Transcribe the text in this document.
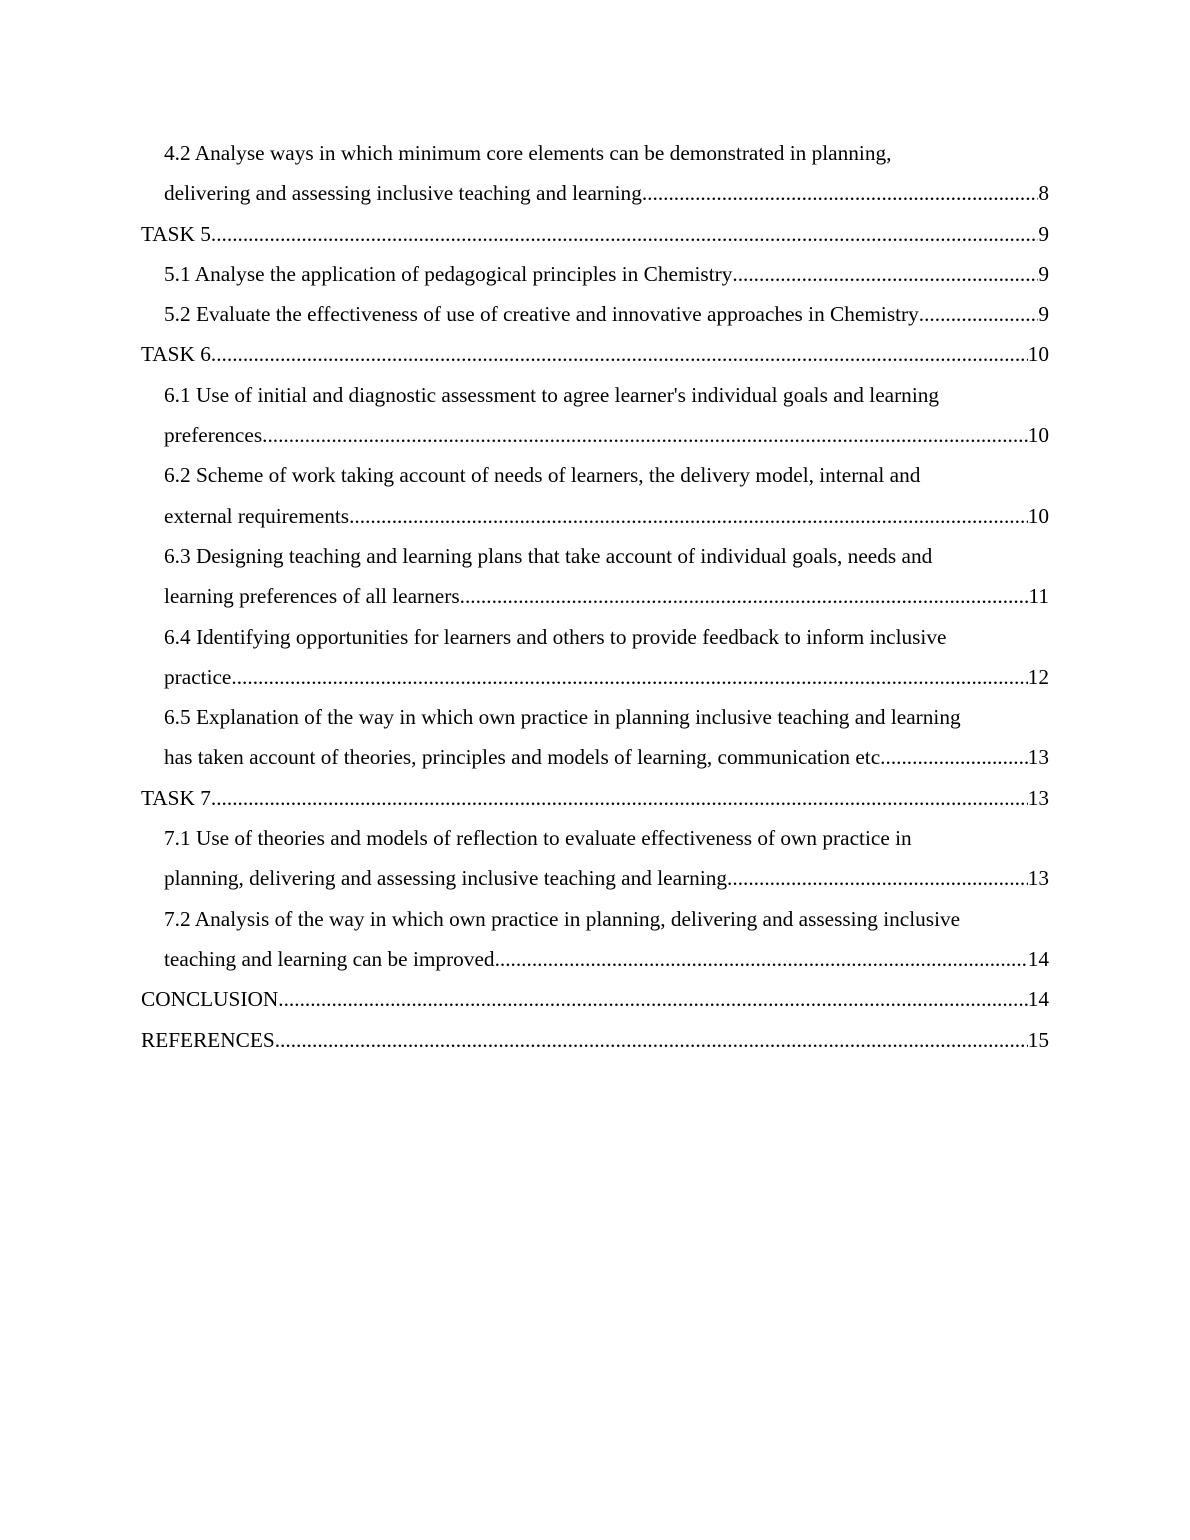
4.2 Analyse ways in which minimum core elements can be demonstrated in planning,
delivering and assessing inclusive teaching and learning .....	8
TASK 5 .....	9
5.1 Analyse the application of pedagogical principles in Chemistry .....	9
5.2 Evaluate the effectiveness of use of creative and innovative approaches in Chemistry .....	9
TASK 6 .....	10
6.1 Use of initial and diagnostic assessment to agree learner's individual goals and learning
preferences .....	10
6.2 Scheme of work taking account of needs of learners, the delivery model, internal and
external requirements .....	10
6.3 Designing teaching and learning plans that take account of individual goals, needs and
learning preferences of all learners .....	11
6.4 Identifying opportunities for learners and others to provide feedback to inform inclusive
practice .....	12
6.5 Explanation of the way in which own practice in planning inclusive teaching and learning
has taken account of theories, principles and models of learning, communication etc .....	13
TASK 7 .....	13
7.1 Use of theories and models of reflection to evaluate effectiveness of own practice in
planning, delivering and assessing inclusive teaching and learning .....	13
7.2 Analysis of the way in which own practice in planning, delivering and assessing inclusive
teaching and learning can be improved .....	14
CONCLUSION .....	14
REFERENCES .....	15
